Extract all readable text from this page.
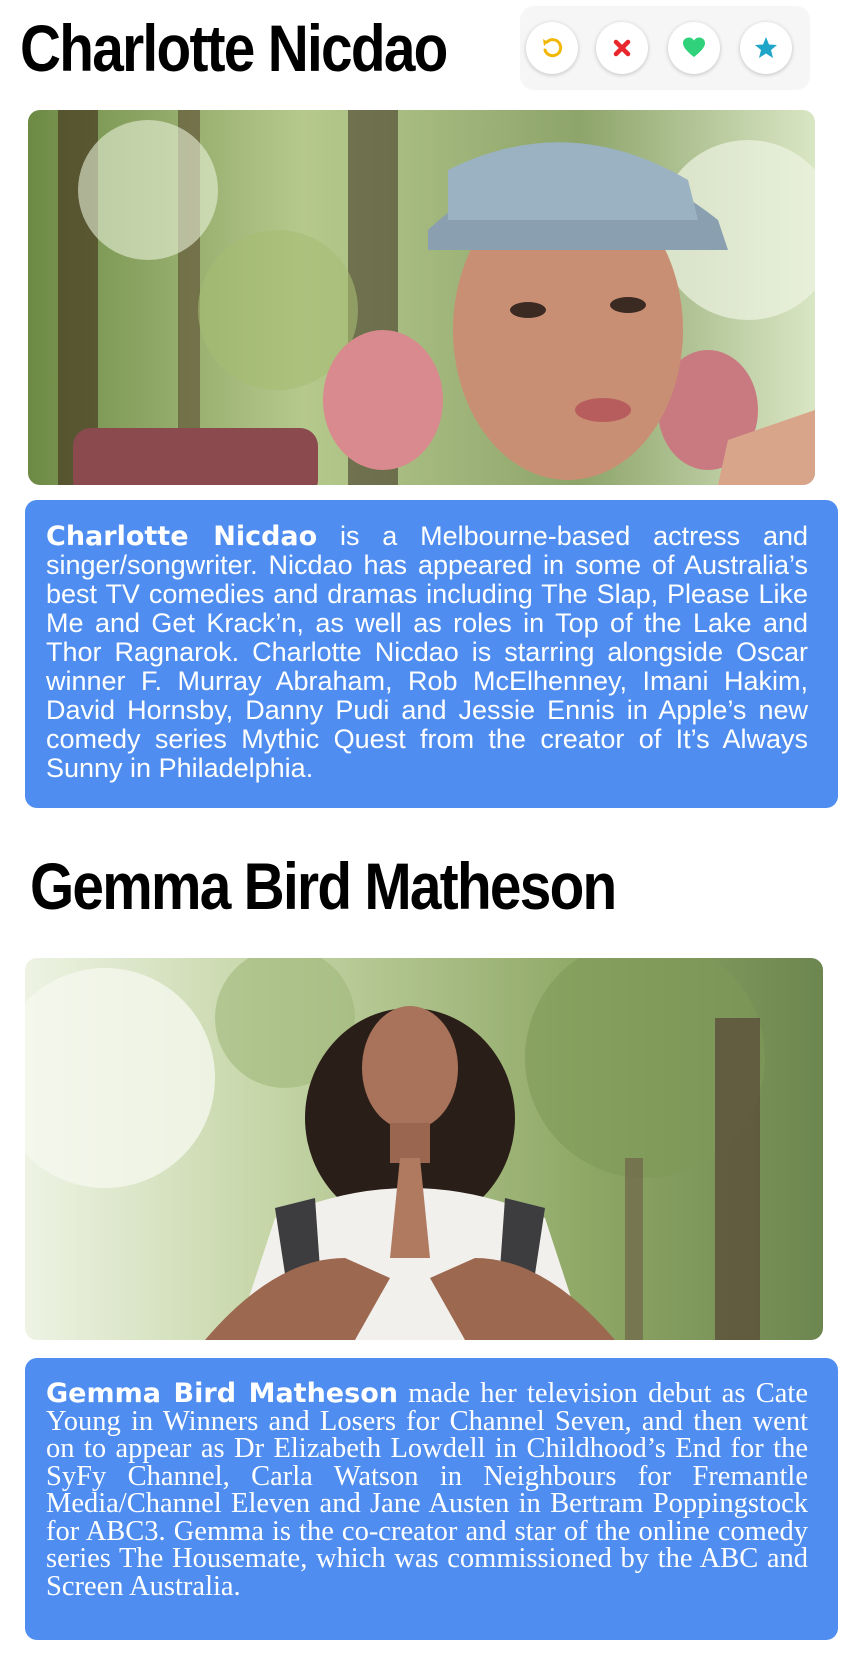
Charlotte Nicdao

Charlotte Nicdao is a Melbourne-based actress and singer/songwriter. Nicdao has appeared in some of Australia’s best TV comedies and dramas including The Slap, Please Like Me and Get Krack’n, as well as roles in Top of the Lake and Thor Ragnarok. Charlotte Nicdao is starring alongside Oscar winner F. Murray Abraham, Rob McElhenney, Imani Hakim, David Hornsby, Danny Pudi and Jessie Ennis in Apple’s new comedy series Mythic Quest from the creator of It’s Always Sunny in Philadelphia.

Gemma Bird Matheson

Gemma Bird Matheson made her television debut as Cate Young in Winners and Losers for Channel Seven, and then went on to appear as Dr Elizabeth Lowdell in Childhood’s End for the SyFy Channel, Carla Watson in Neighbours for Fremantle Media/Channel Eleven and Jane Austen in Bertram Poppingstock for ABC3. Gemma is the co-creator and star of the online comedy series The Housemate, which was commissioned by the ABC and Screen Australia.
